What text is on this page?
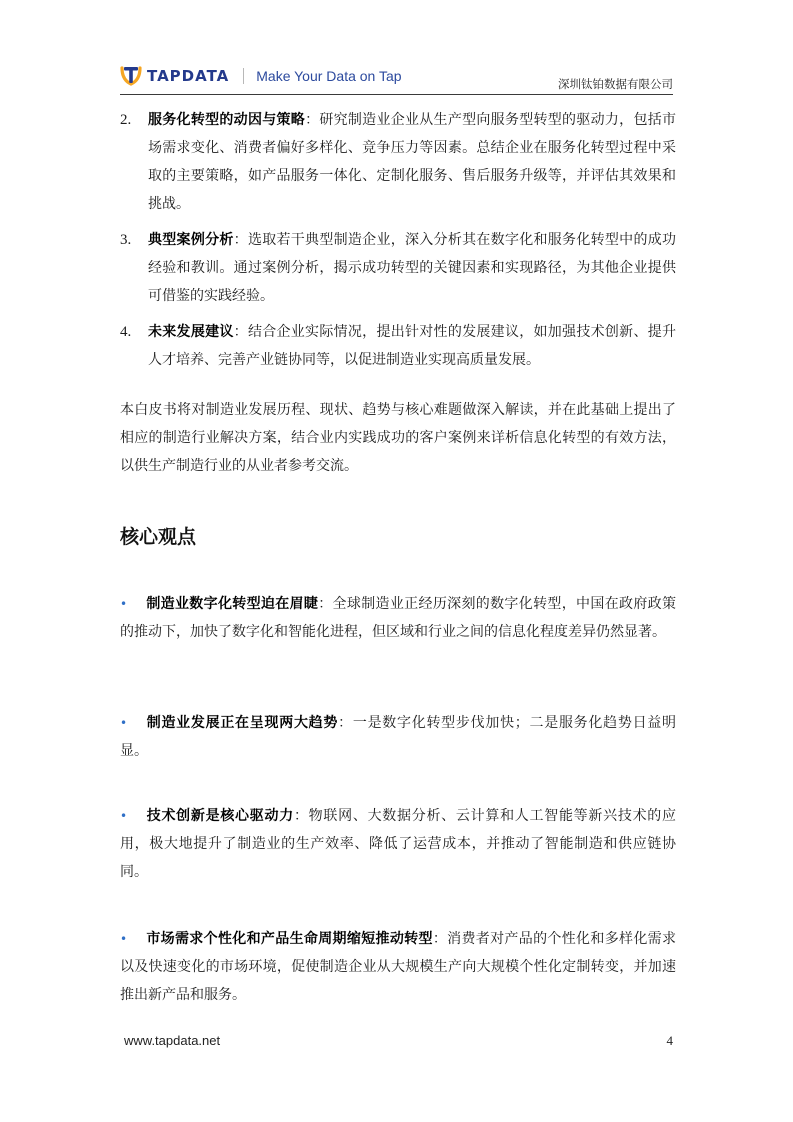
TAPDATA Make Your Data on Tap	深圳钛铂数据有限公司
2.	服务化转型的动因与策略：研究制造业企业从生产型向服务型转型的驱动力，包括市场需求变化、消费者偏好多样化、竞争压力等因素。总结企业在服务化转型过程中采取的主要策略，如产品服务一体化、定制化服务、售后服务升级等，并评估其效果和挑战。
3.	典型案例分析：选取若干典型制造企业，深入分析其在数字化和服务化转型中的成功经验和教训。通过案例分析，揭示成功转型的关键因素和实现路径，为其他企业提供可借鉴的实践经验。
4.	未来发展建议：结合企业实际情况，提出针对性的发展建议，如加强技术创新、提升人才培养、完善产业链协同等，以促进制造业实现高质量发展。
本白皮书将对制造业发展历程、现状、趋势与核心难题做深入解读，并在此基础上提出了相应的制造行业解决方案，结合业内实践成功的客户案例来详析信息化转型的有效方法，以供生产制造行业的从业者参考交流。
核心观点
• 制造业数字化转型迫在眉睫：全球制造业正经历深刻的数字化转型，中国在政府政策的推动下，加快了数字化和智能化进程，但区域和行业之间的信息化程度差异仍然显著。
• 制造业发展正在呈现两大趋势：一是数字化转型步伐加快；二是服务化趋势日益明显。
• 技术创新是核心驱动力：物联网、大数据分析、云计算和人工智能等新兴技术的应用，极大地提升了制造业的生产效率、降低了运营成本，并推动了智能制造和供应链协同。
• 市场需求个性化和产品生命周期缩短推动转型：消费者对产品的个性化和多样化需求以及快速变化的市场环境，促使制造企业从大规模生产向大规模个性化定制转变，并加速推出新产品和服务。
www.tapdata.net	4
